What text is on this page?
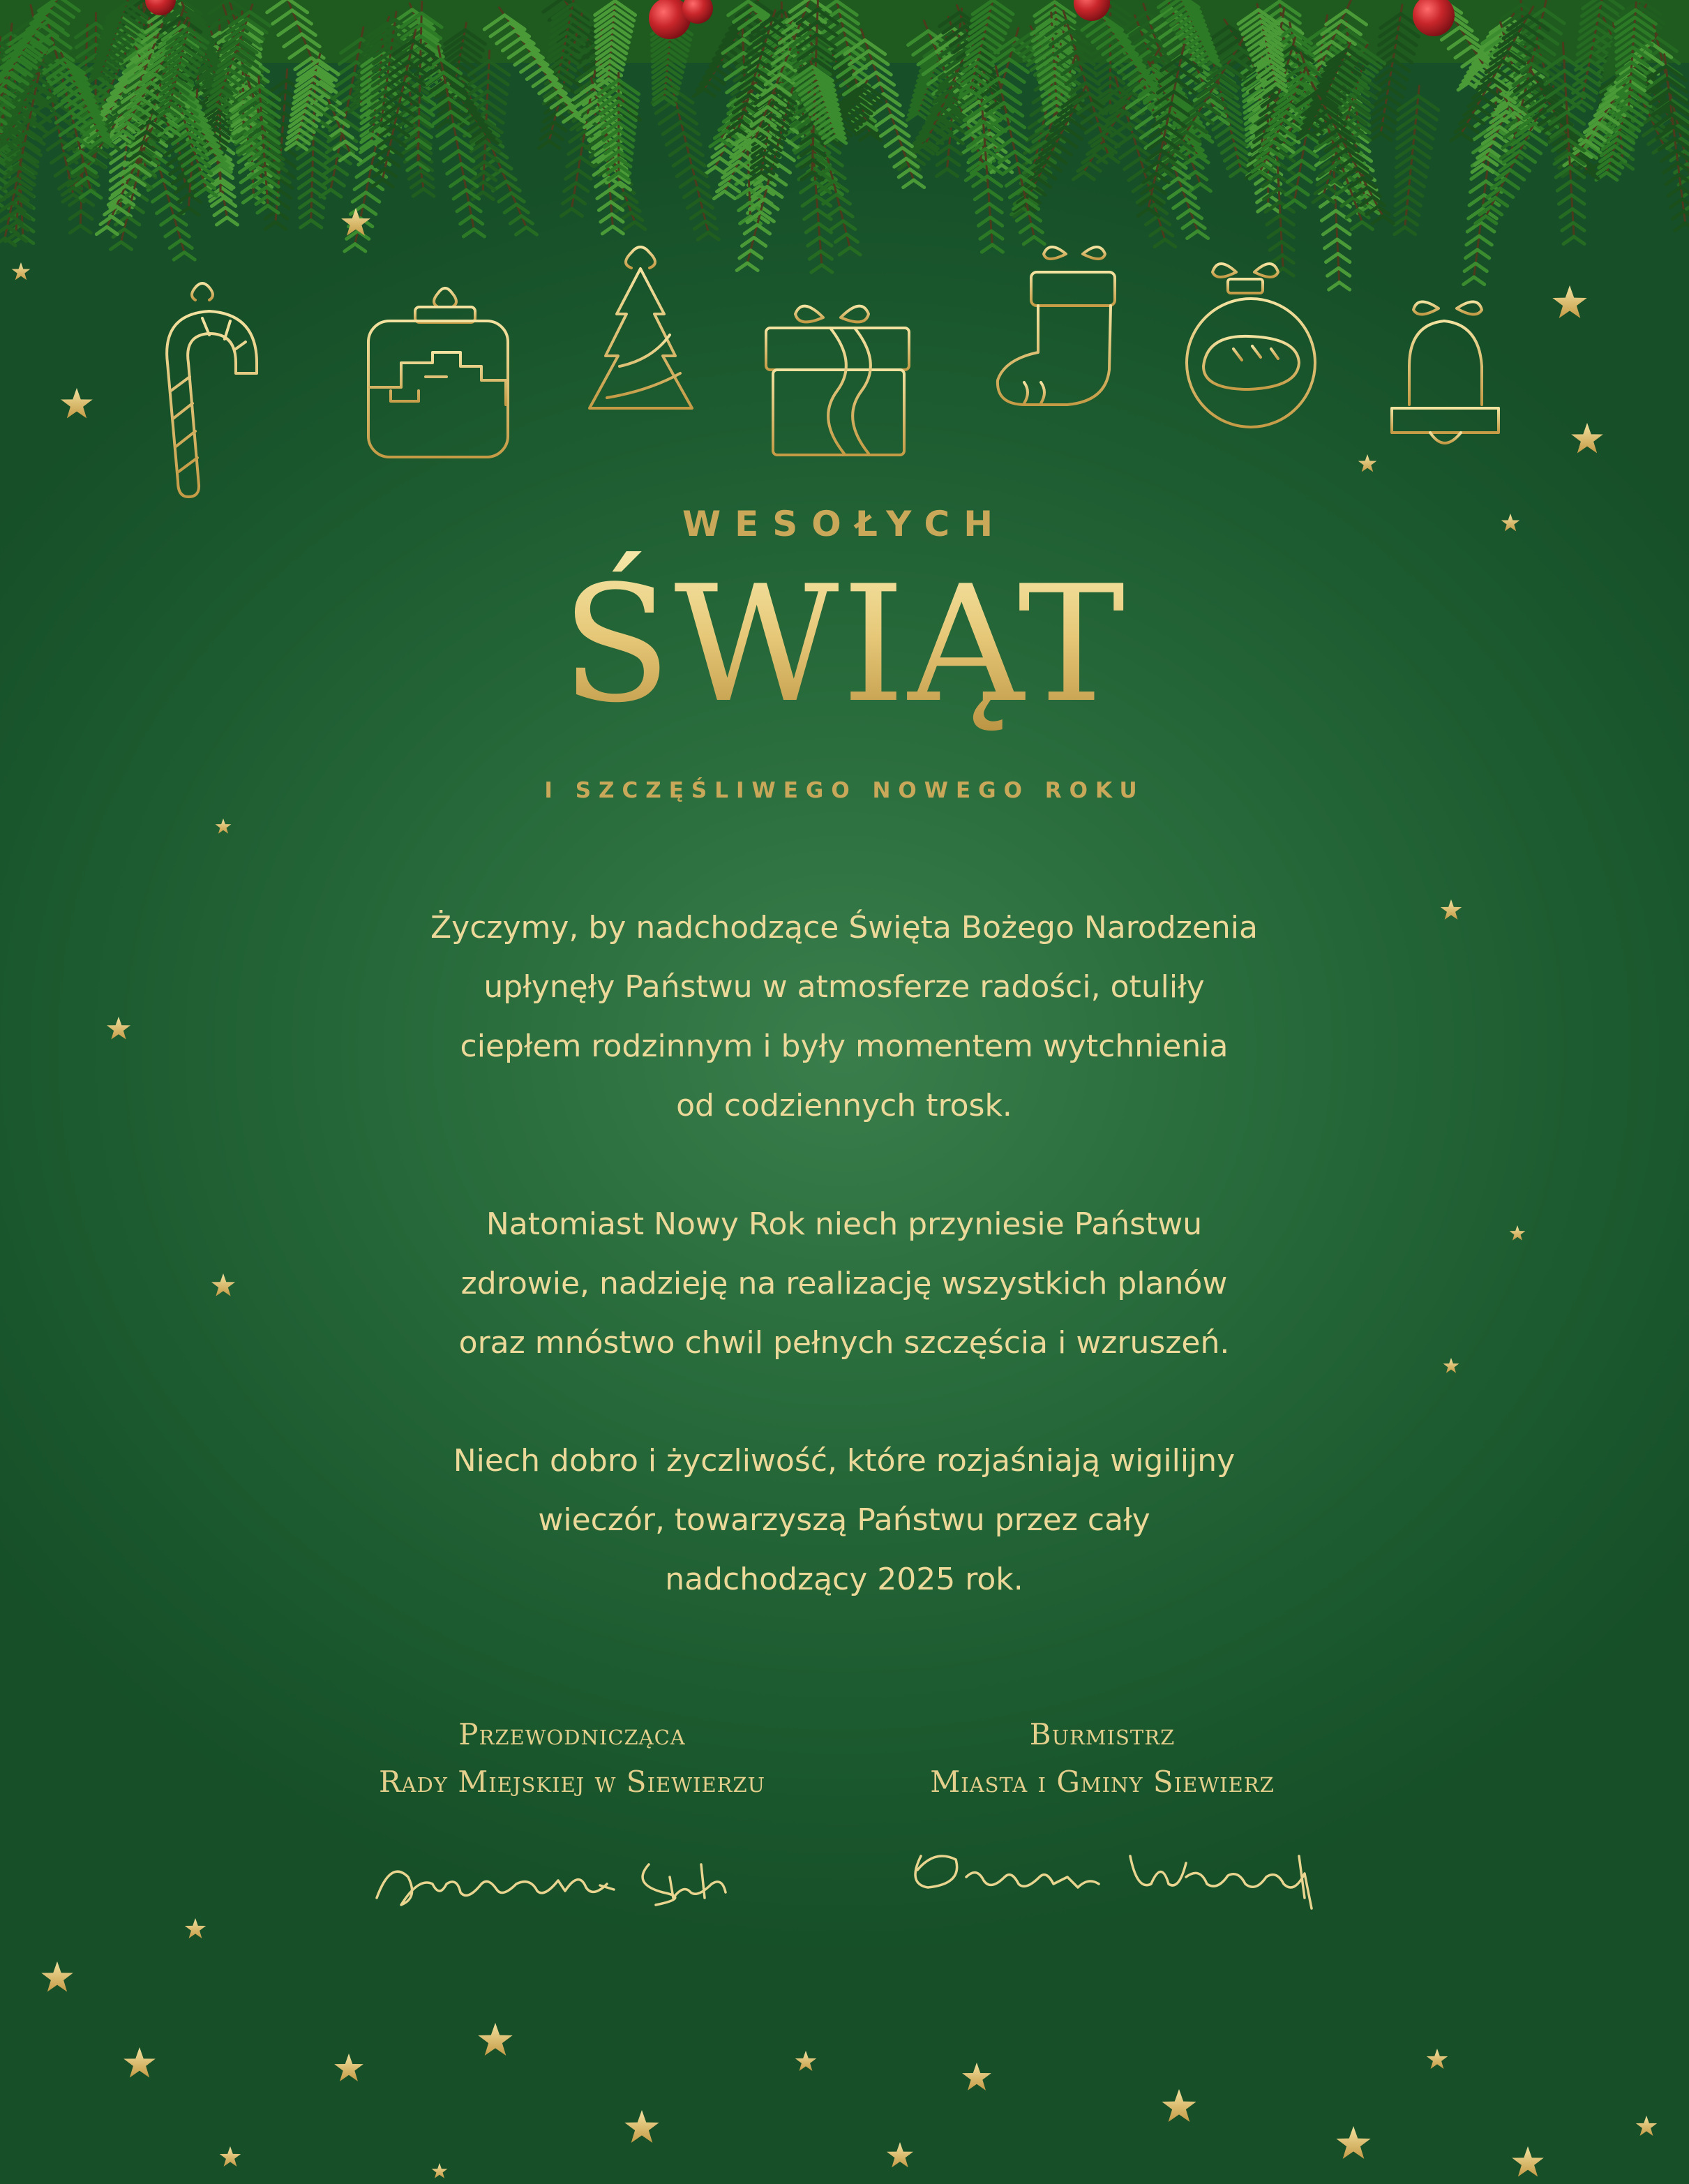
WESOŁYCH
ŚWIĄT
I SZCZĘŚLIWEGO NOWEGO ROKU
Życzymy, by nadchodzące Święta Bożego Narodzenia
upłynęły Państwu w atmosferze radości, otuliły
ciepłem rodzinnym i były momentem wytchnienia
od codziennych trosk.
Natomiast Nowy Rok niech przyniesie Państwu
zdrowie, nadzieję na realizację wszystkich planów
oraz mnóstwo chwil pełnych szczęścia i wzruszeń.
Niech dobro i życzliwość, które rozjaśniają wigilijny
wieczór, towarzyszą Państwu przez cały
nadchodzący 2025 rok.
Przewodnicząca
Rady Miejskiej w Siewierzu
Burmistrz
Miasta i Gminy Siewierz
